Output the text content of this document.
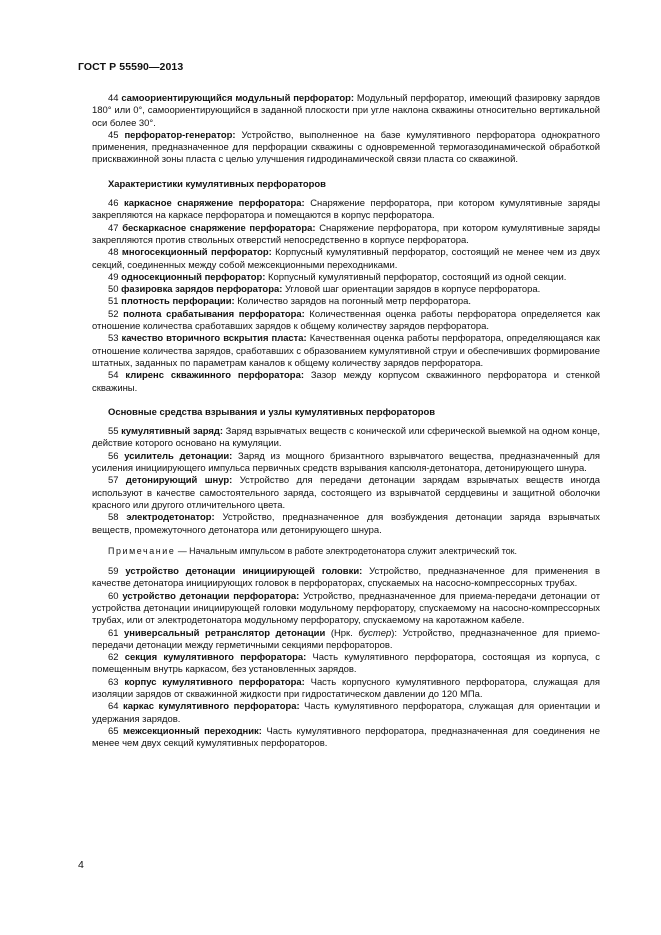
ГОСТ Р 55590—2013

44 самоориентирующийся модульный перфоратор: Модульный перфоратор, имеющий фазировку зарядов 180° или 0°, самоориентирующийся в заданной плоскости при угле наклона скважины относительно вертикальной оси более 30°.

45 перфоратор-генератор: Устройство, выполненное на базе кумулятивного перфоратора однократного применения, предназначенное для перфорации скважины с одновременной термогазодинамической обработкой прискважинной зоны пласта с целью улучшения гидродинамической связи пласта со скважиной.

Характеристики кумулятивных перфораторов

46 каркасное снаряжение перфоратора: Снаряжение перфоратора, при котором кумулятивные заряды закрепляются на каркасе перфоратора и помещаются в корпус перфоратора.

47 бескаркасное снаряжение перфоратора: Снаряжение перфоратора, при котором кумулятивные заряды закрепляются против ствольных отверстий непосредственно в корпусе перфоратора.

48 многосекционный перфоратор: Корпусный кумулятивный перфоратор, состоящий не менее чем из двух секций, соединенных между собой межсекционными переходниками.

49 односекционный перфоратор: Корпусный кумулятивный перфоратор, состоящий из одной секции.

50 фазировка зарядов перфоратора: Угловой шаг ориентации зарядов в корпусе перфоратора.

51 плотность перфорации: Количество зарядов на погонный метр перфоратора.

52 полнота срабатывания перфоратора: Количественная оценка работы перфоратора определяется как отношение количества сработавших зарядов к общему количеству зарядов перфоратора.

53 качество вторичного вскрытия пласта: Качественная оценка работы перфоратора, определяющаяся как отношение количества зарядов, сработавших с образованием кумулятивной струи и обеспечивших формирование штатных, заданных по параметрам каналов к общему количеству зарядов перфоратора.

54 клиренс скважинного перфоратора: Зазор между корпусом скважинного перфоратора и стенкой скважины.

Основные средства взрывания и узлы кумулятивных перфораторов

55 кумулятивный заряд: Заряд взрывчатых веществ с конической или сферической выемкой на одном конце, действие которого основано на кумуляции.

56 усилитель детонации: Заряд из мощного бризантного взрывчатого вещества, предназначенный для усиления инициирующего импульса первичных средств взрывания капсюля-детонатора, детонирующего шнура.

57 детонирующий шнур: Устройство для передачи детонации зарядам взрывчатых веществ иногда используют в качестве самостоятельного заряда, состоящего из взрывчатой сердцевины и защитной оболочки красного или другого отличительного цвета.

58 электродетонатор: Устройство, предназначенное для возбуждения детонации заряда взрывчатых веществ, промежуточного детонатора или детонирующего шнура.

Примечание — Начальным импульсом в работе электродетонатора служит электрический ток.

59 устройство детонации инициирующей головки: Устройство, предназначенное для применения в качестве детонатора инициирующих головок в перфораторах, спускаемых на насосно-компрессорных трубах.

60 устройство детонации перфоратора: Устройство, предназначенное для приема-передачи детонации от устройства детонации инициирующей головки модульному перфоратору, спускаемому на насосно-компрессорных трубах, или от электродетонатора модульному перфоратору, спускаемому на каротажном кабеле.

61 универсальный ретранслятор детонации (Нрк. бустер): Устройство, предназначенное для приемо-передачи детонации между герметичными секциями перфораторов.

62 секция кумулятивного перфоратора: Часть кумулятивного перфоратора, состоящая из корпуса, с помещенным внутрь каркасом, без установленных зарядов.

63 корпус кумулятивного перфоратора: Часть корпусного кумулятивного перфоратора, служащая для изоляции зарядов от скважинной жидкости при гидростатическом давлении до 120 МПа.

64 каркас кумулятивного перфоратора: Часть кумулятивного перфоратора, служащая для ориентации и удержания зарядов.

65 межсекционный переходник: Часть кумулятивного перфоратора, предназначенная для соединения не менее чем двух секций кумулятивных перфораторов.

4
